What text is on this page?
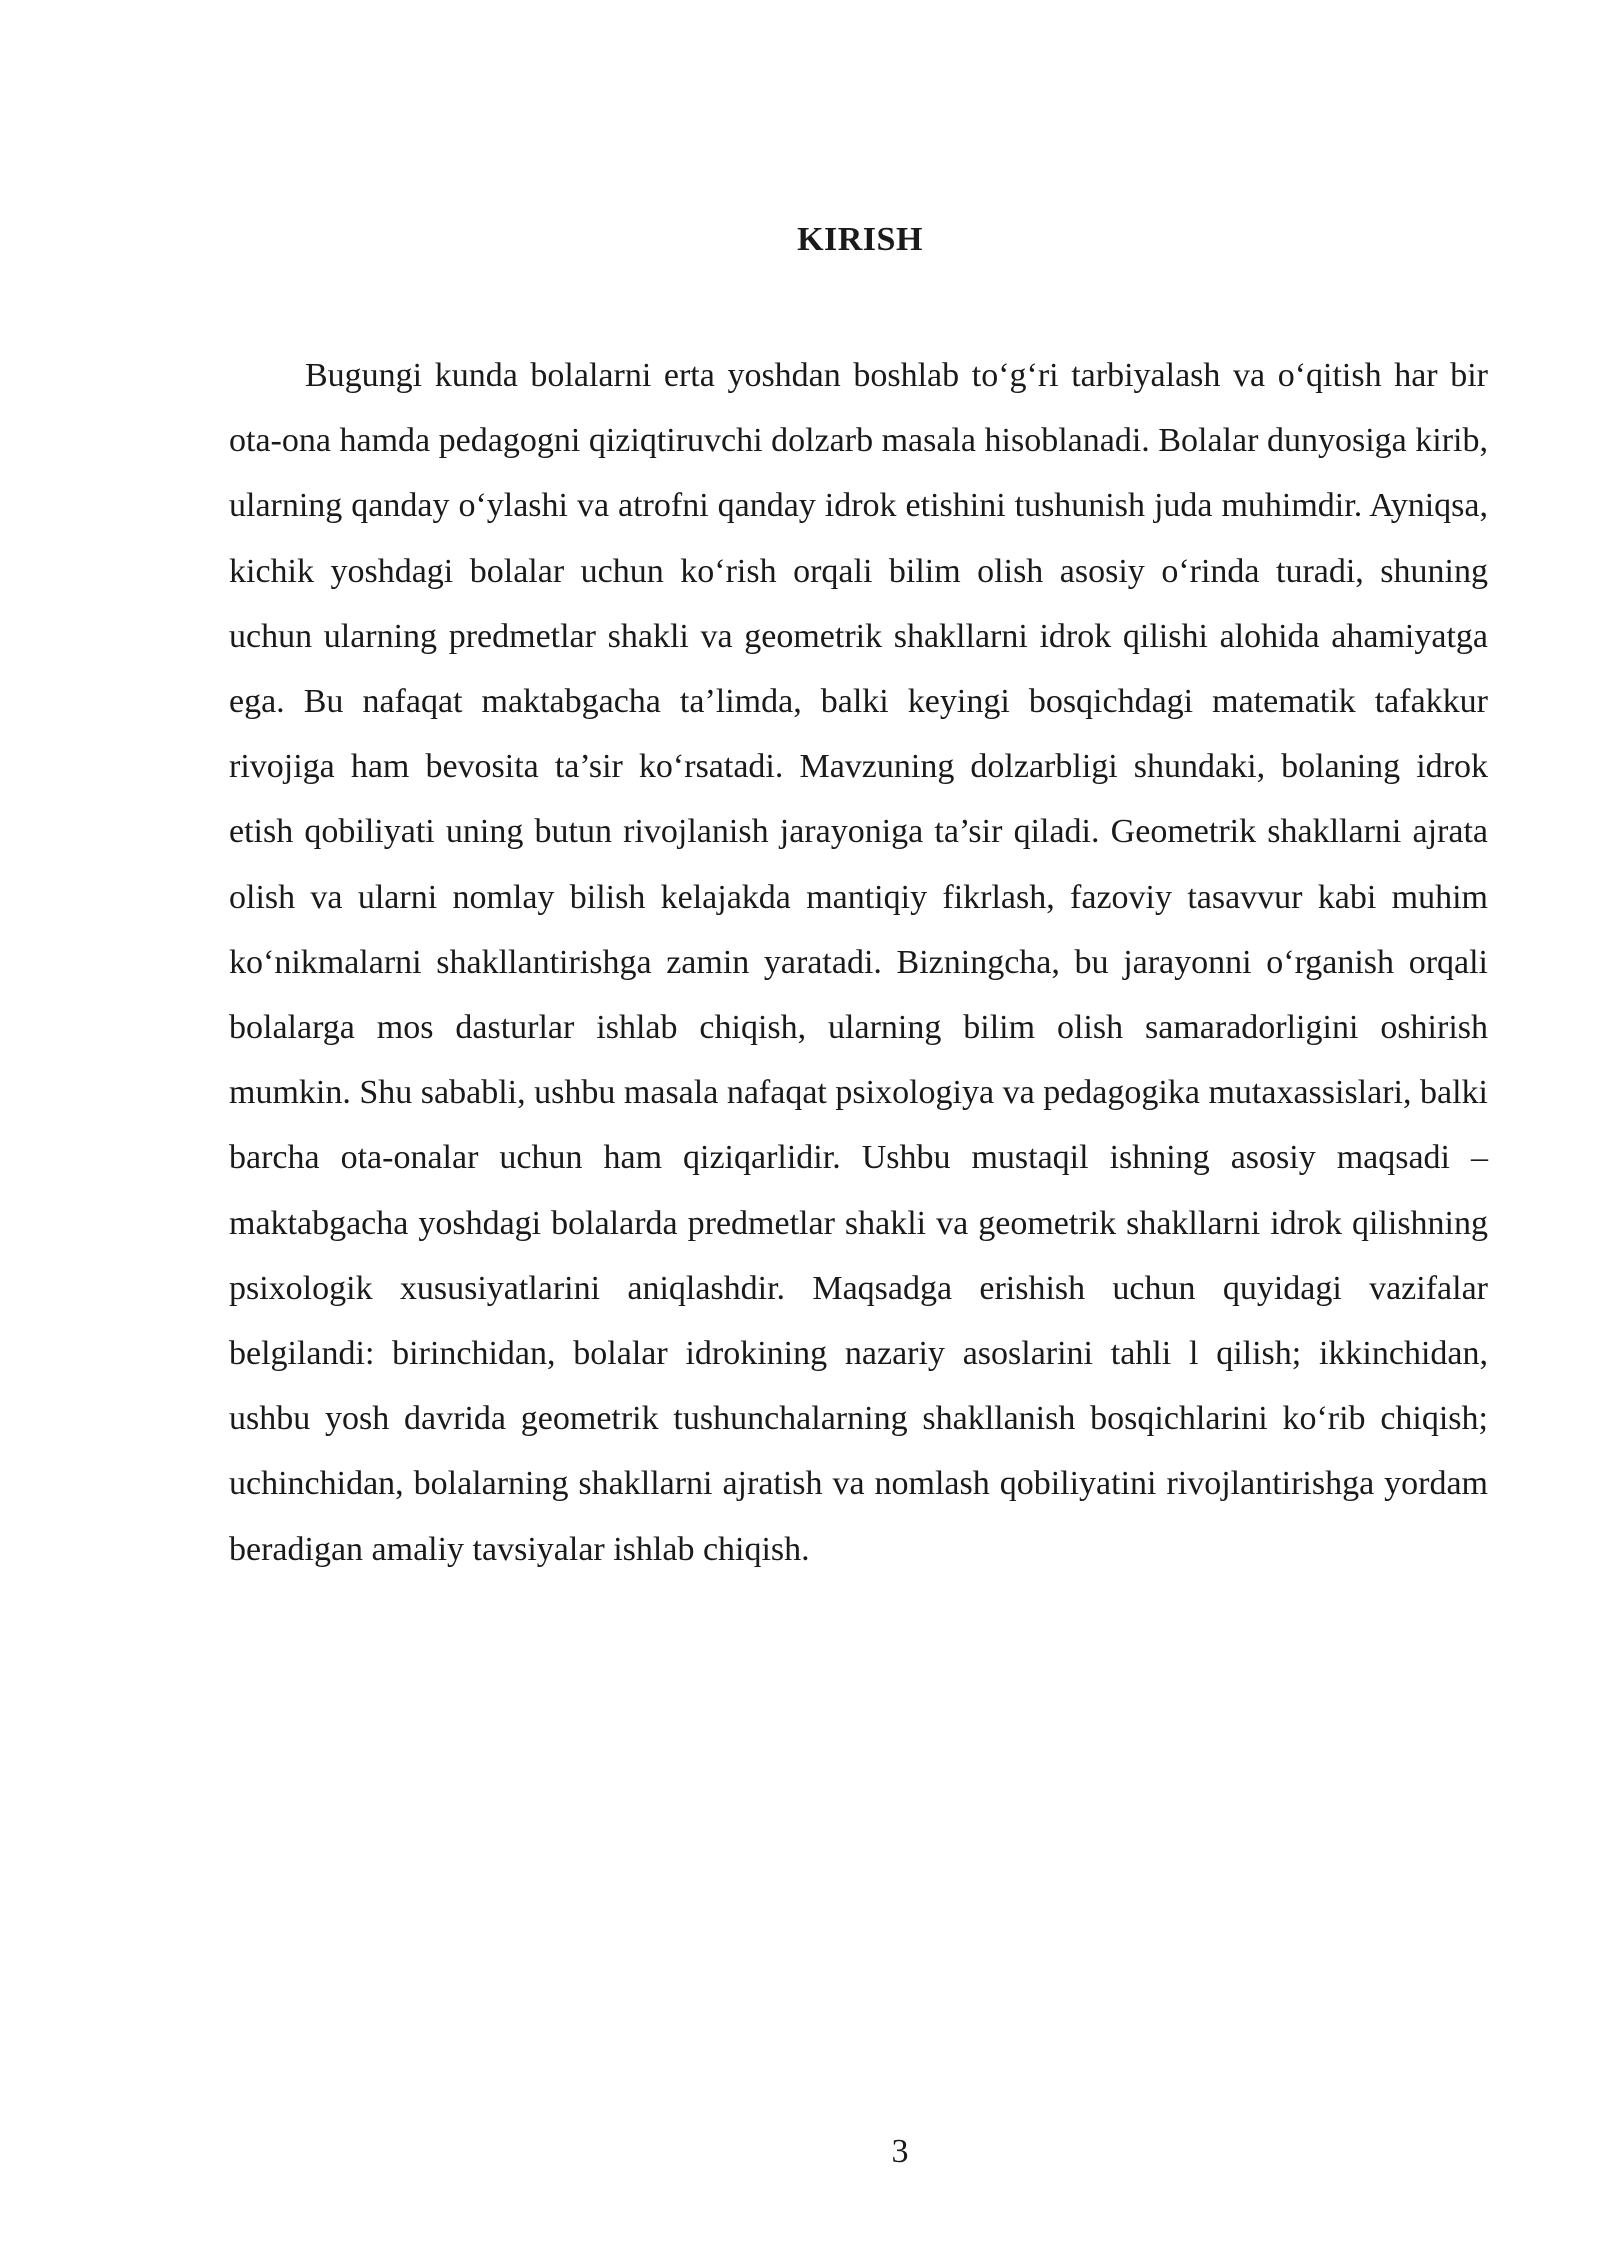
KIRISH

Bugungi kunda bolalarni erta yoshdan boshlab to‘g‘ri tarbiyalash va o‘qitish har bir ota-ona hamda pedagogni qiziqtiruvchi dolzarb masala hisoblanadi. Bolalar dunyosiga kirib, ularning qanday o‘ylashi va atrofni qanday idrok etishini tushunish juda muhimdir. Ayniqsa, kichik yoshdagi bolalar uchun ko‘rish orqali bilim olish asosiy o‘rinda turadi, shuning uchun ularning predmetlar shakli va geometrik shakllarni idrok qilishi alohida ahamiyatga ega. Bu nafaqat maktabgacha ta’limda, balki keyingi bosqichdagi matematik tafakkur rivojiga ham bevosita ta’sir ko‘rsatadi. Mavzuning dolzarbligi shundaki, bolaning idrok etish qobiliyati uning butun rivojlanish jarayoniga ta’sir qiladi. Geometrik shakllarni ajrata olish va ularni nomlay bilish kelajakda mantiqiy fikrlash, fazoviy tasavvur kabi muhim ko‘nikmalarni shakllantirishga zamin yaratadi. Bizningcha, bu jarayonni o‘rganish orqali bolalarga mos dasturlar ishlab chiqish, ularning bilim olish samaradorligini oshirish mumkin. Shu sababli, ushbu masala nafaqat psixologiya va pedagogika mutaxassislari, balki barcha ota-onalar uchun ham qiziqarlidir. Ushbu mustaqil ishning asosiy maqsadi – maktabgacha yoshdagi bolalarda predmetlar shakli va geometrik shakllarni idrok qilishning psixologik xususiyatlarini aniqlashdir. Maqsadga erishish uchun quyidagi vazifalar belgilandi: birinchidan, bolalar idrokining nazariy asoslarini tahli l qilish; ikkinchidan, ushbu yosh davrida geometrik tushunchalarning shakllanish bosqichlarini ko‘rib chiqish; uchinchidan, bolalarning shakllarni ajratish va nomlash qobiliyatini rivojlantirishga yordam beradigan amaliy tavsiyalar ishlab chiqish.

3
